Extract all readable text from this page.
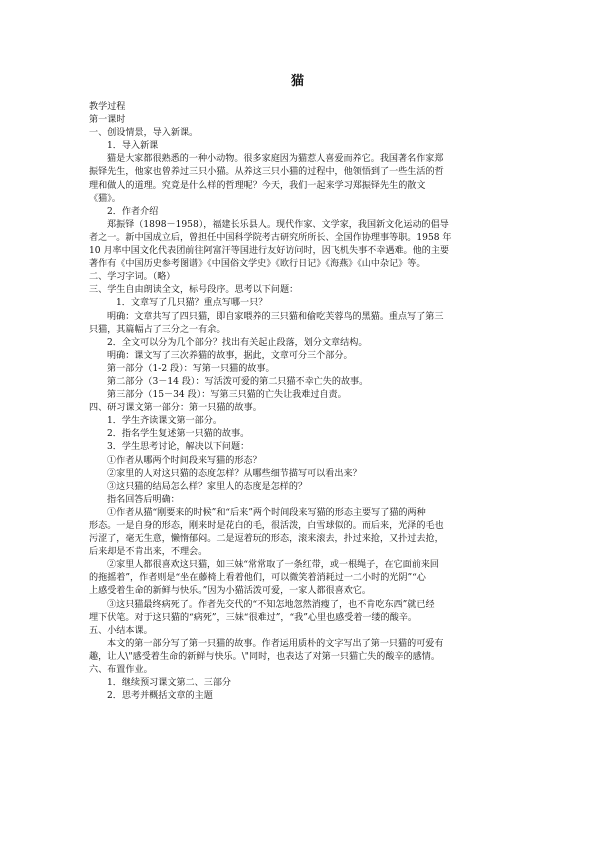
猫

教学过程

第一课时

一、创设情景，导入新课。

1．导入新课

猫是大家都很熟悉的一种小动物。很多家庭因为猫惹人喜爱而养它。我国著名作家郑

振铎先生，他家也曾养过三只小猫。从养这三只小猫的过程中，他领悟到了一些生活的哲

理和做人的道理。究竟是什么样的哲理呢？今天，我们一起来学习郑振铎先生的散文

《猫》。

2．作者介绍

郑振铎（1898－1958），福建长乐县人。现代作家、文学家，我国新文化运动的倡导

者之一。新中国成立后，曾担任中国科学院考古研究所所长、全国作协理事等职。1958 年

10 月率中国文化代表团前往阿富汗等国进行友好访问时，因飞机失事不幸遇难。他的主要

著作有《中国历史参考图谱》《中国俗文学史》《欧行日记》《海燕》《山中杂记》等。

二、学习字词。（略）

三、学生自由朗读全文，标号段序。思考以下问题：

1．文章写了几只猫？重点写哪一只？

明确：文章共写了四只猫，即自家喂养的三只猫和偷吃芙蓉鸟的黑猫。重点写了第三

只猫，其篇幅占了三分之一有余。

2．全文可以分为几个部分？找出有关起止段落，划分文章结构。

明确：课文写了三次养猫的故事，据此，文章可分三个部分。

第一部分（1-2 段）：写第一只猫的故事。

第二部分（3－14 段）：写活泼可爱的第二只猫不幸亡失的故事。

第三部分（15－34 段）：写第三只猫的亡失让我难过自责。

四、研习课文第一部分：第一只猫的故事。

1．学生齐读课文第一部分。

2．指名学生复述第一只猫的故事。

3．学生思考讨论，解决以下问题：

①作者从哪两个时间段来写猫的形态？

②家里的人对这只猫的态度怎样？从哪些细节描写可以看出来？

③这只猫的结局怎么样？家里人的态度是怎样的？

指名回答后明确：

①作者从猫“刚要来的时候”和“后来”两个时间段来写猫的形态主要写了猫的两种

形态。一是自身的形态，刚来时是花白的毛，很活泼，白雪球似的。而后来，光泽的毛也

污涩了，毫无生意，懒惰郁闷。二是逗着玩的形态，滚来滚去，扑过来抢，又扑过去抢，

后来却是不肯出来，不理会。

②家里人都很喜欢这只猫，如三妹“常常取了一条红带，或一根绳子，在它面前来回

的拖摇着”，作者则是“坐在藤椅上看着他们，可以微笑着消耗过一二小时的光阴”“心

上感受着生命的新鲜与快乐。”因为小猫活泼可爱，一家人都很喜欢它。

③这只猫最终病死了。作者先交代的“不知怎地忽然消瘦了，也不肯吃东西”就已经

埋下伏笔。对于这只猫的“病死”，三妹“很难过”，“我”心里也感受着一缕的酸辛。

五、小结本课。

本文的第一部分写了第一只猫的故事。作者运用质朴的文字写出了第一只猫的可爱有

趣，让人\"感受着生命的新鲜与快乐。\"同时，也表达了对第一只猫亡失的酸辛的感情。

六、布置作业。

1．继续预习课文第二、三部分

2．思考并概括文章的主题
